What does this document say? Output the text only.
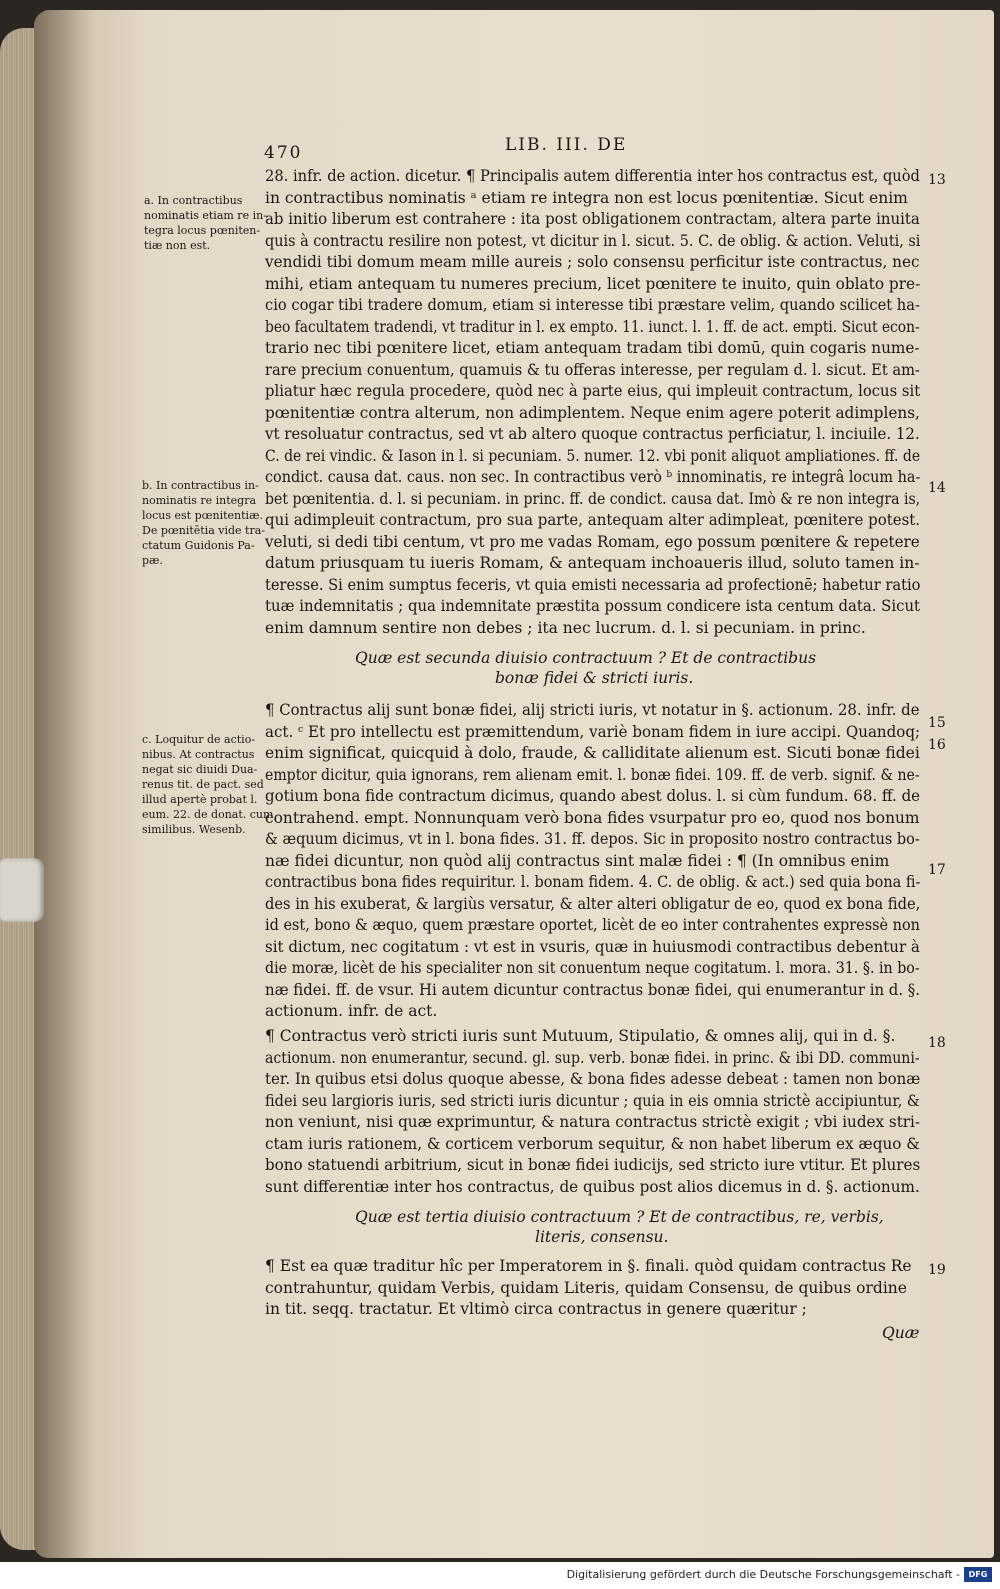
470	LIB. III. DE
13
14
15
16
17
18
19
a. In contractibus
nominatis etiam re in-
tegra locus pœniten-
tiæ non est.
b. In contractibus in-
nominatis re integra
locus est pœnitentiæ.
De pœnitētia vide tra-
ctatum Guidonis Pa-
pæ.
c. Loquitur de actio-
nibus. At contractus
negat sic diuidi Dua-
renus tit. de pact. sed
illud apertè probat l.
eum. 22. de donat. cum
similibus. Wesenb.
28. infr. de action. dicetur. ¶ Principalis autem differentia inter hos contractus est, quòd
in contractibus nominatis ᵃ etiam re integra non est locus pœnitentiæ. Sicut enim
ab initio liberum est contrahere : ita post obligationem contractam, altera parte inuita
quis à contractu resilire non potest, vt dicitur in l. sicut. 5. C. de oblig. & action. Veluti, si
vendidi tibi domum meam mille aureis ; solo consensu perficitur iste contractus, nec
mihi, etiam antequam tu numeres precium, licet pœnitere te inuito, quin oblato pre-
cio cogar tibi tradere domum, etiam si interesse tibi præstare velim, quando scilicet ha-
beo facultatem tradendi, vt traditur in l. ex empto. 11. iunct. l. 1. ff. de act. empti. Sicut econ-
trario nec tibi pœnitere licet, etiam antequam tradam tibi domū, quin cogaris nume-
rare precium conuentum, quamuis & tu offeras interesse, per regulam d. l. sicut. Et am-
pliatur hæc regula procedere, quòd nec à parte eius, qui impleuit contractum, locus sit
pœnitentiæ contra alterum, non adimplentem. Neque enim agere poterit adimplens,
vt resoluatur contractus, sed vt ab altero quoque contractus perficiatur, l. inciuile. 12.
C. de rei vindic. & Iason in l. si pecuniam. 5. numer. 12. vbi ponit aliquot ampliationes. ff. de
condict. causa dat. caus. non sec. In contractibus verò ᵇ innominatis, re integrâ locum ha-
bet pœnitentia. d. l. si pecuniam. in princ. ff. de condict. causa dat. Imò & re non integra is,
qui adimpleuit contractum, pro sua parte, antequam alter adimpleat, pœnitere potest.
veluti, si dedi tibi centum, vt pro me vadas Romam, ego possum pœnitere & repetere
datum priusquam tu iueris Romam, & antequam inchoaueris illud, soluto tamen in-
teresse. Si enim sumptus feceris, vt quia emisti necessaria ad profectionē; habetur ratio
tuæ indemnitatis ; qua indemnitate præstita possum condicere ista centum data. Sicut
enim damnum sentire non debes ; ita nec lucrum. d. l. si pecuniam. in princ.
Quæ est secunda diuisio contractuum ? Et de contractibus
bonæ fidei & stricti iuris.
¶ Contractus alij sunt bonæ fidei, alij stricti iuris, vt notatur in §. actionum. 28. infr. de
act. ᶜ Et pro intellectu est præmittendum, variè bonam fidem in iure accipi. Quandoq;
enim significat, quicquid à dolo, fraude, & calliditate alienum est. Sicuti bonæ fidei
emptor dicitur, quia ignorans, rem alienam emit. l. bonæ fidei. 109. ff. de verb. signif. & ne-
gotium bona fide contractum dicimus, quando abest dolus. l. si cùm fundum. 68. ff. de
contrahend. empt. Nonnunquam verò bona fides vsurpatur pro eo, quod nos bonum
& æquum dicimus, vt in l. bona fides. 31. ff. depos. Sic in proposito nostro contractus bo-
næ fidei dicuntur, non quòd alij contractus sint malæ fidei : ¶ (In omnibus enim
contractibus bona fides requiritur. l. bonam fidem. 4. C. de oblig. & act.) sed quia bona fi-
des in his exuberat, & largiùs versatur, & alter alteri obligatur de eo, quod ex bona fide,
id est, bono & æquo, quem præstare oportet, licèt de eo inter contrahentes expressè non
sit dictum, nec cogitatum : vt est in vsuris, quæ in huiusmodi contractibus debentur à
die moræ, licèt de his specialiter non sit conuentum neque cogitatum. l. mora. 31. §. in bo-
næ fidei. ff. de vsur. Hi autem dicuntur contractus bonæ fidei, qui enumerantur in d. §.
actionum. infr. de act.
¶ Contractus verò stricti iuris sunt Mutuum, Stipulatio, & omnes alij, qui in d. §.
actionum. non enumerantur, secund. gl. sup. verb. bonæ fidei. in princ. & ibi DD. communi-
ter. In quibus etsi dolus quoque abesse, & bona fides adesse debeat : tamen non bonæ
fidei seu largioris iuris, sed stricti iuris dicuntur ; quia in eis omnia strictè accipiuntur, &
non veniunt, nisi quæ exprimuntur, & natura contractus strictè exigit ; vbi iudex stri-
ctam iuris rationem, & corticem verborum sequitur, & non habet liberum ex æquo &
bono statuendi arbitrium, sicut in bonæ fidei iudicijs, sed stricto iure vtitur. Et plures
sunt differentiæ inter hos contractus, de quibus post alios dicemus in d. §. actionum.
Quæ est tertia diuisio contractuum ? Et de contractibus, re, verbis,
literis, consensu.
¶ Est ea quæ traditur hîc per Imperatorem in §. finali. quòd quidam contractus Re
contrahuntur, quidam Verbis, quidam Literis, quidam Consensu, de quibus ordine
in tit. seqq. tractatur. Et vltimò circa contractus in genere quæritur ;
Quæ
Digitalisierung gefördert durch die Deutsche Forschungsgemeinschaft -	DFG
